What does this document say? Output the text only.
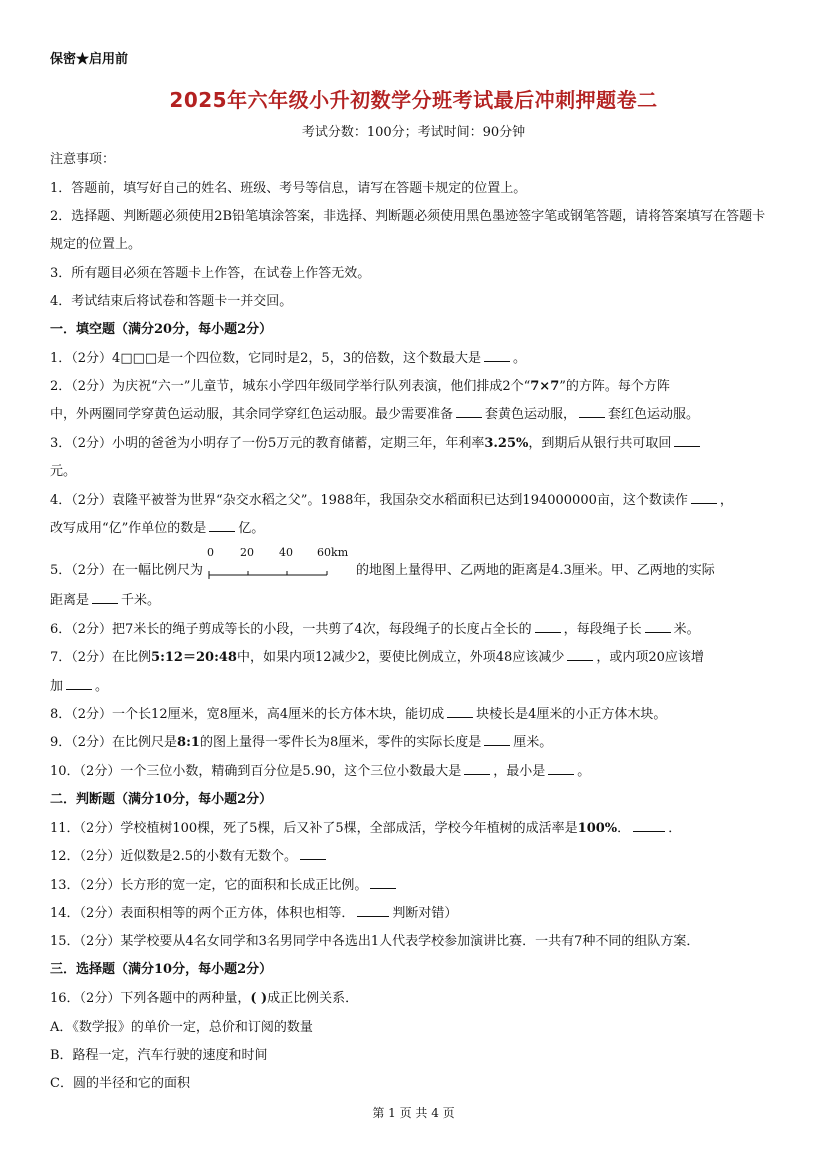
保密★启用前
2025年六年级小升初数学分班考试最后冲刺押题卷二
考试分数：100分；考试时间：90分钟
注意事项：
1．答题前，填写好自己的姓名、班级、考号等信息，请写在答题卡规定的位置上。
2．选择题、判断题必须使用2B铅笔填涂答案，非选择、判断题必须使用黑色墨迹签字笔或钢笔答题，请将答案填写在答题卡规定的位置上。
3．所有题目必须在答题卡上作答，在试卷上作答无效。
4．考试结束后将试卷和答题卡一并交回。
一．填空题（满分20分，每小题2分）
1．（2分）4□□□是一个四位数，它同时是2，5，3的倍数，这个数最大是 。
2．（2分）为庆祝“六一”儿童节，城东小学四年级同学举行队列表演，他们排成2个“7×7”的方阵。每个方阵
中，外两圈同学穿黄色运动服，其余同学穿红色运动服。最少需要准备 套黄色运动服， 套红色运动服。
3．（2分）小明的爸爸为小明存了一份5万元的教育储蓄，定期三年，年利率3.25%，到期后从银行共可取回
元。
4．（2分）袁隆平被誉为世界“杂交水稻之父”。1988年，我国杂交水稻面积已达到194000000亩，这个数读作 ，
改写成用“亿”作单位的数是 亿。
5．（2分）在一幅比例尺为
0 20 40 60km
的地图上量得甲、乙两地的距离是4.3厘米。甲、乙两地的实际
距离是 千米。
6．（2分）把7米长的绳子剪成等长的小段，一共剪了4次，每段绳子的长度占全长的 ，每段绳子长 米。
7．（2分）在比例5:12＝20:48中，如果内项12减少2，要使比例成立，外项48应该减少 ，或内项20应该增
加 。
8．（2分）一个长12厘米，宽8厘米，高4厘米的长方体木块，能切成 块棱长是4厘米的小正方体木块。
9．（2分）在比例尺是8:1的图上量得一零件长为8厘米，零件的实际长度是 厘米。
10．（2分）一个三位小数，精确到百分位是5.90，这个三位小数最大是 ，最小是 。
二．判断题（满分10分，每小题2分）
11．（2分）学校植树100棵，死了5棵，后又补了5棵，全部成活，学校今年植树的成活率是100%．	．
12．（2分）近似数是2.5的小数有无数个。
13．（2分）长方形的宽一定，它的面积和长成正比例。
14．（2分）表面积相等的两个正方体，体积也相等．	判断对错）
15．（2分）某学校要从4名女同学和3名男同学中各选出1人代表学校参加演讲比赛．一共有7种不同的组队方案．
三．选择题（满分10分，每小题2分）
16．（2分）下列各题中的两种量，( )成正比例关系．
A．《数学报》的单价一定，总价和订阅的数量
B．路程一定，汽车行驶的速度和时间
C．圆的半径和它的面积
第 1 页 共 4 页
